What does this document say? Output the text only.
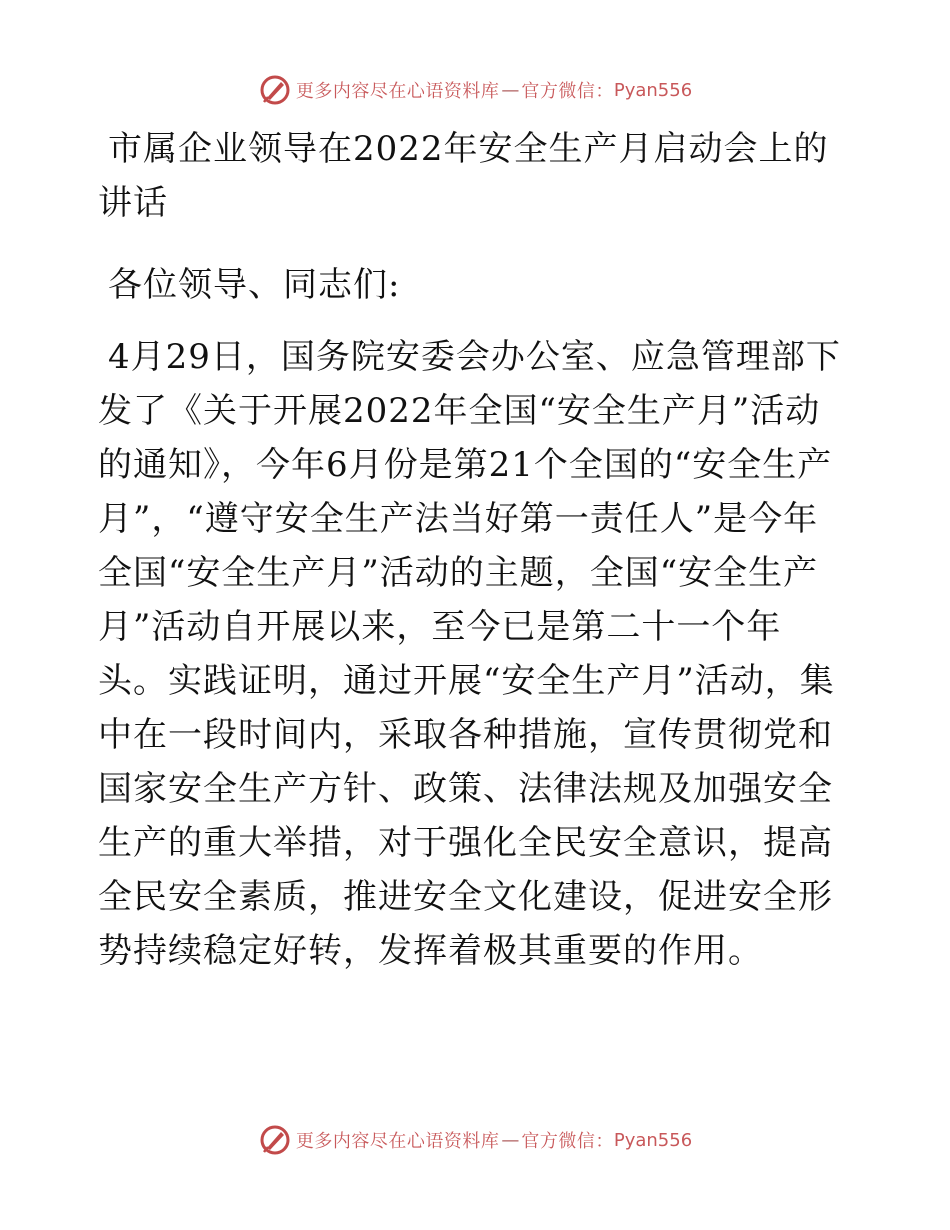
更多内容尽在心语资料库 — 官方微信： Pyan556

市属企业领导在2022年安全生产月启动会上的讲话

各位领导、同志们:

4月29日，国务院安委会办公室、应急管理部下发了《关于开展2022年全国“安全生产月”活动的通知》，今年6月份是第21个全国的“安全生产月”，“遵守安全生产法当好第一责任人”是今年全国“安全生产月”活动的主题，全国“安全生产月”活动自开展以来，至今已是第二十一个年头。实践证明，通过开展“安全生产月”活动，集中在一段时间内，采取各种措施，宣传贯彻党和国家安全生产方针、政策、法律法规及加强安全生产的重大举措，对于强化全民安全意识，提高全民安全素质，推进安全文化建设，促进安全形势持续稳定好转，发挥着极其重要的作用。

更多内容尽在心语资料库 — 官方微信： Pyan556
